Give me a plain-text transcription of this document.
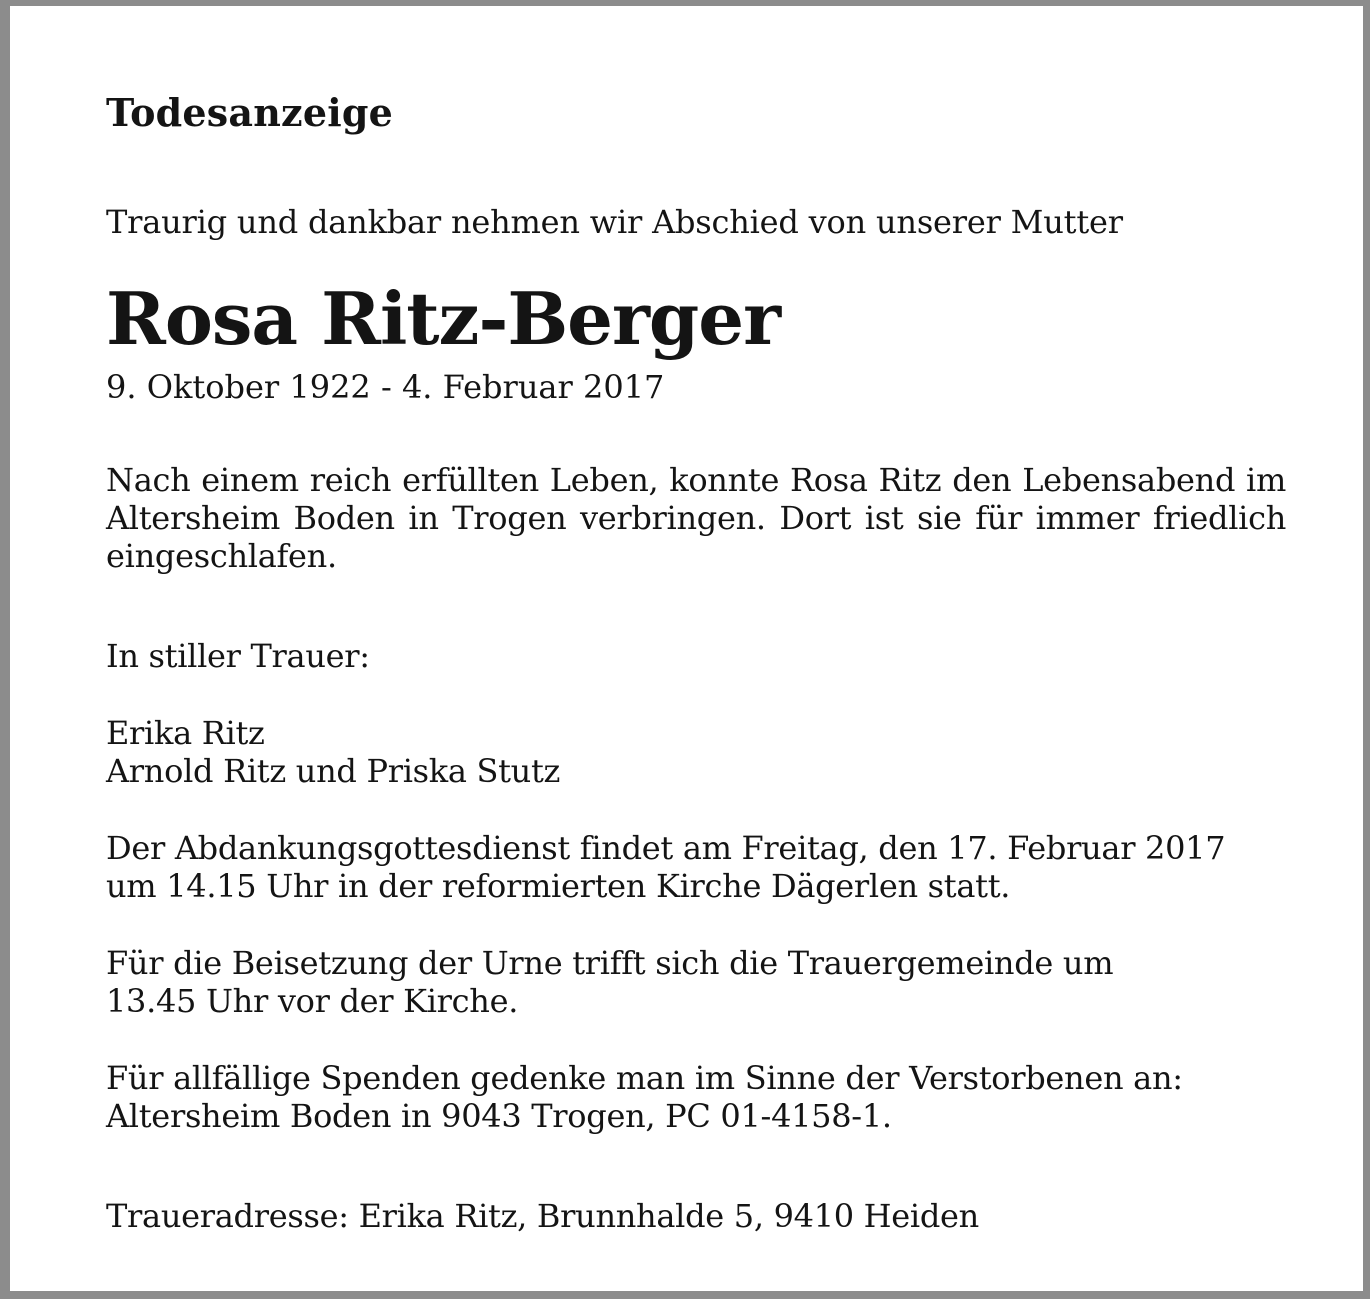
Todesanzeige

Traurig und dankbar nehmen wir Abschied von unserer Mutter

Rosa Ritz-Berger

9. Oktober 1922 - 4. Februar 2017

Nach einem reich erfüllten Leben, konnte Rosa Ritz den Lebensabend im Altersheim Boden in Trogen verbringen. Dort ist sie für immer friedlich eingeschlafen.

In stiller Trauer:

Erika Ritz
Arnold Ritz und Priska Stutz
Der Abdankungsgottesdienst findet am Freitag, den 17. Februar 2017
um 14.15 Uhr in der reformierten Kirche Dägerlen statt.
Für die Beisetzung der Urne trifft sich die Trauergemeinde um
13.45 Uhr vor der Kirche.
Für allfällige Spenden gedenke man im Sinne der Verstorbenen an:
Altersheim Boden in 9043 Trogen, PC 01-4158-1.

Traueradresse: Erika Ritz, Brunnhalde 5, 9410 Heiden
